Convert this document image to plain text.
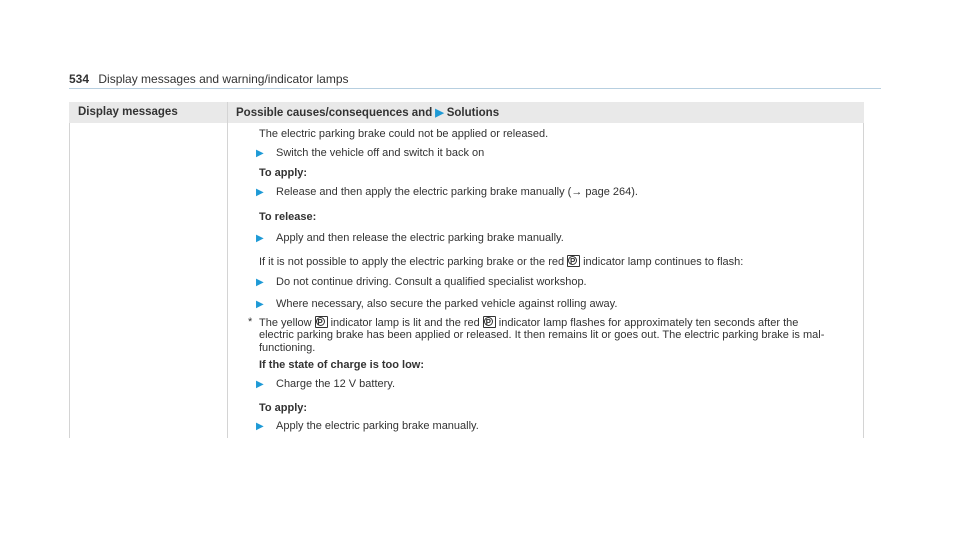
534 Display messages and warning/indicator lamps
Display messages	Possible causes/consequences and ▶ Solutions
The electric parking brake could not be applied or released.
▶ Switch the vehicle off and switch it back on
To apply:
▶ Release and then apply the electric parking brake manually (→ page 264).
To release:
▶ Apply and then release the electric parking brake manually.
If it is not possible to apply the electric parking brake or the red P indicator lamp continues to flash:
▶ Do not continue driving. Consult a qualified specialist workshop.
▶ Where necessary, also secure the parked vehicle against rolling away.
* The yellow P indicator lamp is lit and the red P indicator lamp flashes for approximately ten seconds after the
electric parking brake has been applied or released. It then remains lit or goes out. The electric parking brake is mal-
functioning.
If the state of charge is too low:
▶ Charge the 12 V battery.
To apply:
▶ Apply the electric parking brake manually.
